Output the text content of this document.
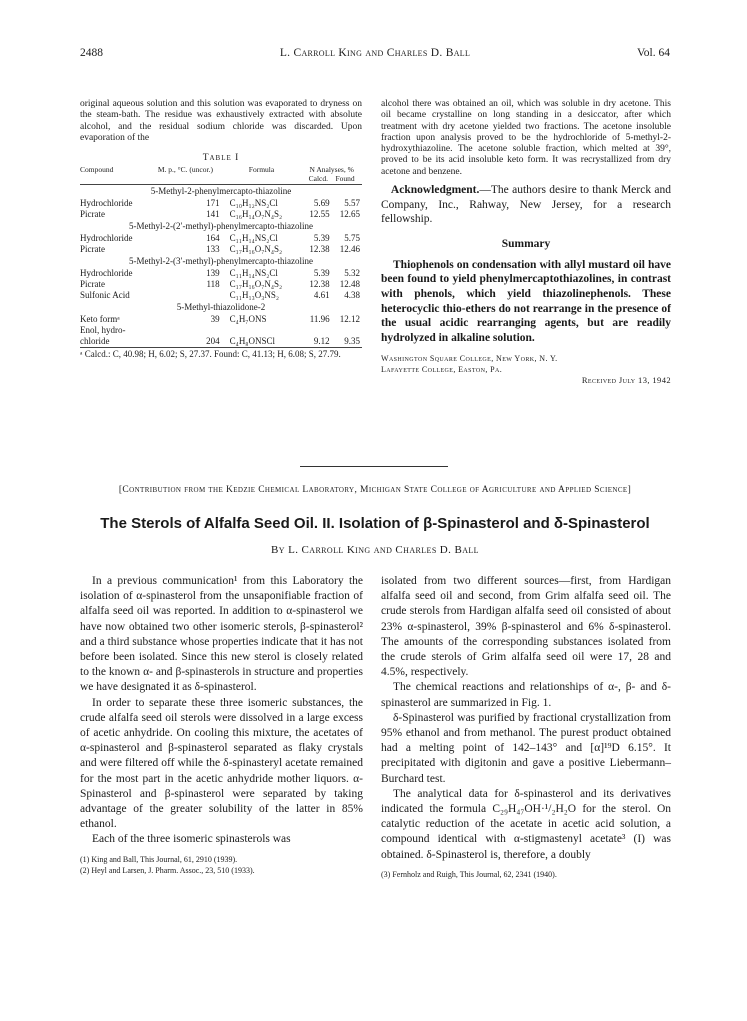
2488	L. Carroll King and Charles D. Ball	Vol. 64

original aqueous solution and this solution was evaporated to dryness on the steam-bath. The residue was exhaustively extracted with absolute alcohol, and the residual sodium chloride was discarded. Upon evaporation of the

Table I
Compound	M. p., °C. (uncor.)	Formula	N Analyses, %
Calcd. Found	

5-Methyl-2-phenylmercapto-thiazoline				
Hydrochloride	171	C₁₀H₁₂NS₂Cl	5.69	5.57
Picrate	141	C₁₆H₁₄O₇N₄S₂	12.55	12.65
5-Methyl-2-(2′-methyl)-phenylmercapto-thiazoline				
Hydrochloride	164	C₁₁H₁₄NS₂Cl	5.39	5.75
Picrate	133	C₁₇H₁₆O₇N₄S₂	12.38	12.46
5-Methyl-2-(3′-methyl)-phenylmercapto-thiazoline				
Hydrochloride	139	C₁₁H₁₄NS₂Cl	5.39	5.32
Picrate	118	C₁₇H₁₆O₇N₄S₂	12.38	12.48
Sulfonic Acid		C₁₁H₁₃O₃NS₂	4.61	4.38
5-Methyl-thiazolidone-2				
Keto formᵃ	39	C₄H₇ONS	11.96	12.12
Enol, hydro-				
chloride	204	C₄H₈ONSCl	9.12	9.35

ᵃ Calcd.: C, 40.98; H, 6.02; S, 27.37. Found: C, 41.13; H, 6.08; S, 27.79.

alcohol there was obtained an oil, which was soluble in dry acetone. This oil became crystalline on long standing in a desiccator, after which treatment with dry acetone yielded two fractions. The acetone insoluble fraction upon analysis proved to be the hydrochloride of 5-methyl-2-hydroxythiazoline. The acetone soluble fraction, which melted at 39°, proved to be its acid insoluble keto form. It was recrystallized from dry acetone and benzene.

Acknowledgment.—The authors desire to thank Merck and Company, Inc., Rahway, New Jersey, for a research fellowship.
Summary
Thiophenols on condensation with allyl mustard oil have been found to yield phenylmercaptothiazolines, in contrast with phenols, which yield thiazolinephenols. These heterocyclic thio-ethers do not rearrange in the presence of the usual acidic rearranging agents, but are readily hydrolyzed in alkaline solution.
Washington Square College, New York, N. Y.
Lafayette College, Easton, Pa.
Received July 13, 1942
[Contribution from the Kedzie Chemical Laboratory, Michigan State College of Agriculture and Applied Science]
The Sterols of Alfalfa Seed Oil. II. Isolation of β-Spinasterol and δ-Spinasterol
By L. Carroll King and Charles D. Ball

In a previous communication¹ from this Laboratory the isolation of α-spinasterol from the unsaponifiable fraction of alfalfa seed oil was reported. In addition to α-spinasterol we have now obtained two other isomeric sterols, β-spinasterol² and a third substance whose properties indicate that it has not before been isolated. Since this new sterol is closely related to the known α- and β-spinasterols in structure and properties we have designated it as δ-spinasterol.

In order to separate these three isomeric substances, the crude alfalfa seed oil sterols were dissolved in a large excess of acetic anhydride. On cooling this mixture, the acetates of α-spinasterol and β-spinasterol separated as flaky crystals and were filtered off while the δ-spinasteryl acetate remained for the most part in the acetic anhydride mother liquors. α-Spinasterol and β-spinasterol were separated by taking advantage of the greater solubility of the latter in 85% ethanol.

Each of the three isomeric spinasterols was

(1) King and Ball, This Journal, 61, 2910 (1939).
(2) Heyl and Larsen, J. Pharm. Assoc., 23, 510 (1933).

isolated from two different sources—first, from Hardigan alfalfa seed oil and second, from Grim alfalfa seed oil. The crude sterols from Hardigan alfalfa seed oil consisted of about 23% α-spinasterol, 39% β-spinasterol and 6% δ-spinasterol. The amounts of the corresponding substances isolated from the crude sterols of Grim alfalfa seed oil were 17, 28 and 4.5%, respectively.

The chemical reactions and relationships of α-, β- and δ-spinasterol are summarized in Fig. 1.

δ-Spinasterol was purified by fractional crystallization from 95% ethanol and from methanol. The purest product obtained had a melting point of 142–143° and [α]¹⁹D 6.15°. It precipitated with digitonin and gave a positive Liebermann–Burchard test.

The analytical data for δ-spinasterol and its derivatives indicated the formula C₂₉H₄₇OH·¹/₂H₂O for the sterol. On catalytic reduction of the acetate in acetic acid solution, a compound identical with α-stigmastenyl acetate³ (I) was obtained. δ-Spinasterol is, therefore, a doubly

(3) Fernholz and Ruigh, This Journal, 62, 2341 (1940).
